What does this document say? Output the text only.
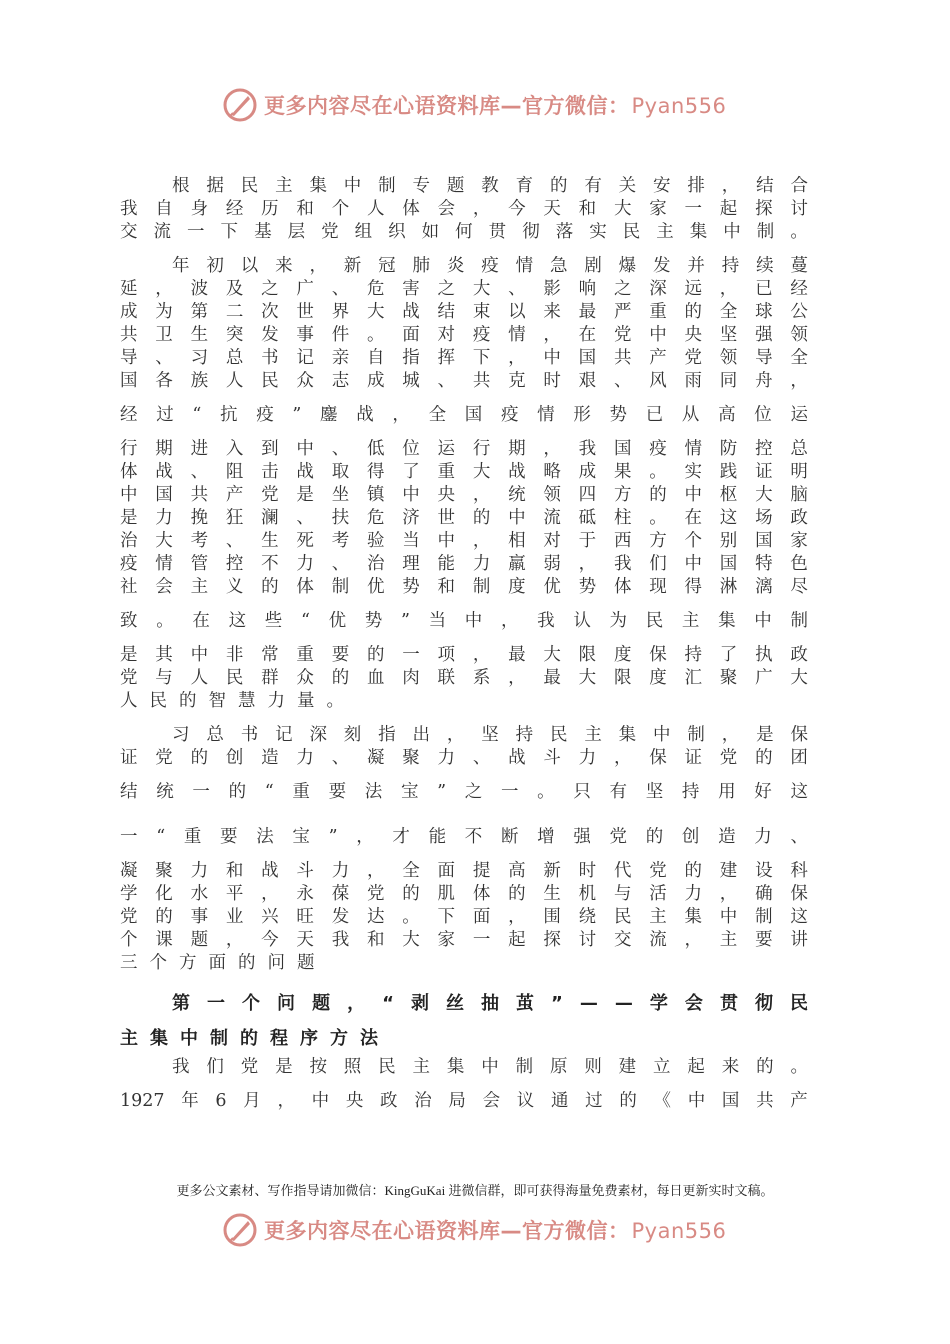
更多内容尽在心语资料库—官方微信：Pyan556
根 据 民 主 集 中 制 专 题 教 育 的 有 关 安 排 ， 结 合
我 自 身 经 历 和 个 人 体 会 ， 今 天 和 大 家 一 起 探 讨
交 流 一 下 基 层 党 组 织 如 何 贯 彻 落 实 民 主 集 中 制 。
年 初 以 来 ， 新 冠 肺 炎 疫 情 急 剧 爆 发 并 持 续 蔓
延 ， 波 及 之 广 、 危 害 之 大 、 影 响 之 深 远 ， 已 经
成 为 第 二 次 世 界 大 战 结 束 以 来 最 严 重 的 全 球 公
共 卫 生 突 发 事 件 。 面 对 疫 情 ， 在 党 中 央 坚 强 领
导 、 习 总 书 记 亲 自 指 挥 下 ， 中 国 共 产 党 领 导 全
国 各 族 人 民 众 志 成 城 、 共 克 时 艰 、 风 雨 同 舟 ，
经 过 “ 抗 疫 ” 鏖 战 ， 全 国 疫 情 形 势 已 从 高 位 运
行 期 进 入 到 中 、 低 位 运 行 期 ， 我 国 疫 情 防 控 总
体 战 、 阻 击 战 取 得 了 重 大 战 略 成 果 。 实 践 证 明
中 国 共 产 党 是 坐 镇 中 央 ， 统 领 四 方 的 中 枢 大 脑
是 力 挽 狂 澜 、 扶 危 济 世 的 中 流 砥 柱 。 在 这 场 政
治 大 考 、 生 死 考 验 当 中 ， 相 对 于 西 方 个 别 国 家
疫 情 管 控 不 力 、 治 理 能 力 羸 弱 ， 我 们 中 国 特 色
社 会 主 义 的 体 制 优 势 和 制 度 优 势 体 现 得 淋 漓 尽
致 。 在 这 些 “ 优 势 ” 当 中 ， 我 认 为 民 主 集 中 制
是 其 中 非 常 重 要 的 一 项 ， 最 大 限 度 保 持 了 执 政
党 与 人 民 群 众 的 血 肉 联 系 ， 最 大 限 度 汇 聚 广 大
人 民 的 智 慧 力 量 。
习 总 书 记 深 刻 指 出 ， 坚 持 民 主 集 中 制 ， 是 保
证 党 的 创 造 力 、 凝 聚 力 、 战 斗 力 ， 保 证 党 的 团
结 统 一 的 “ 重 要 法 宝 ” 之 一 。 只 有 坚 持 用 好 这
一 “ 重 要 法 宝 ” ， 才 能 不 断 增 强 党 的 创 造 力 、
凝 聚 力 和 战 斗 力 ， 全 面 提 高 新 时 代 党 的 建 设 科
学 化 水 平 ， 永 葆 党 的 肌 体 的 生 机 与 活 力 ， 确 保
党 的 事 业 兴 旺 发 达 。 下 面 ， 围 绕 民 主 集 中 制 这
个 课 题 ， 今 天 我 和 大 家 一 起 探 讨 交 流 ， 主 要 讲
三 个 方 面 的 问 题
第 一 个 问 题 ， “ 剥 丝 抽 茧 ” — — 学 会 贯 彻 民
主 集 中 制 的 程 序 方 法
我 们 党 是 按 照 民 主 集 中 制 原 则 建 立 起 来 的 。
1927 年 6 月 ， 中 央 政 治 局 会 议 通 过 的 《 中 国 共 产
更多公文素材、写作指导请加微信：KingGuKai 进微信群，即可获得海量免费素材，每日更新实时文稿。
更多内容尽在心语资料库—官方微信：Pyan556
